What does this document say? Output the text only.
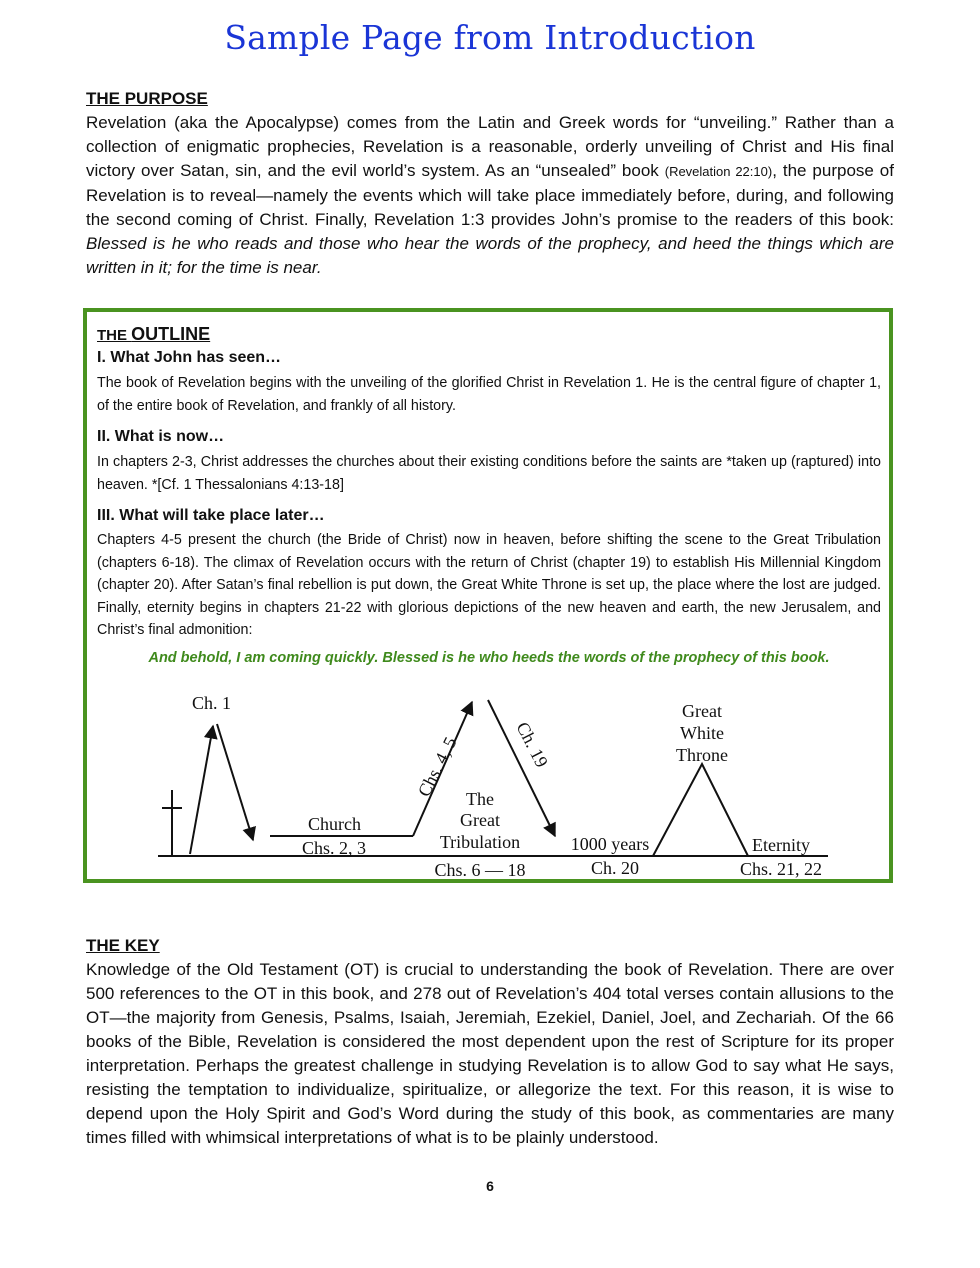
Sample Page from Introduction
THE PURPOSE
Revelation (aka the Apocalypse) comes from the Latin and Greek words for “unveiling.” Rather than a collection of enigmatic prophecies, Revelation is a reasonable, orderly unveiling of Christ and His final victory over Satan, sin, and the evil world’s system. As an “unsealed” book (Revelation 22:10), the purpose of Revelation is to reveal—namely the events which will take place immediately before, during, and following the second coming of Christ. Finally, Revelation 1:3 provides John’s promise to the readers of this book: Blessed is he who reads and those who hear the words of the prophecy, and heed the things which are written in it; for the time is near.
THE OUTLINE
I. What John has seen…
The book of Revelation begins with the unveiling of the glorified Christ in Revelation 1. He is the central figure of chapter 1, of the entire book of Revelation, and frankly of all history.
II. What is now…
In chapters 2-3, Christ addresses the churches about their existing conditions before the saints are *taken up (raptured) into heaven. *[Cf. 1 Thessalonians 4:13-18]
III. What will take place later…
Chapters 4-5 present the church (the Bride of Christ) now in heaven, before shifting the scene to the Great Tribulation (chapters 6-18). The climax of Revelation occurs with the return of Christ (chapter 19) to establish His Millennial Kingdom (chapter 20). After Satan’s final rebellion is put down, the Great White Throne is set up, the place where the lost are judged. Finally, eternity begins in chapters 21-22 with glorious depictions of the new heaven and earth, the new Jerusalem, and Christ’s final admonition:
And behold, I am coming quickly. Blessed is he who heeds the words of the prophecy of this book.
Ch. 1
Church
Chs. 2, 3
Chs. 4, 5 The
Great
Tribulation
Chs. 6 — 18
Ch. 19
1000 years
Ch. 20
Great
White
Throne
Eternity
Chs. 21, 22
THE KEY
Knowledge of the Old Testament (OT) is crucial to understanding the book of Revelation. There are over 500 references to the OT in this book, and 278 out of Revelation’s 404 total verses contain allusions to the OT—the majority from Genesis, Psalms, Isaiah, Jeremiah, Ezekiel, Daniel, Joel, and Zechariah. Of the 66 books of the Bible, Revelation is considered the most dependent upon the rest of Scripture for its proper interpretation. Perhaps the greatest challenge in studying Revelation is to allow God to say what He says, resisting the temptation to individualize, spiritualize, or allegorize the text. For this reason, it is wise to depend upon the Holy Spirit and God’s Word during the study of this book, as commentaries are many times filled with whimsical interpretations of what is to be plainly understood.
6
